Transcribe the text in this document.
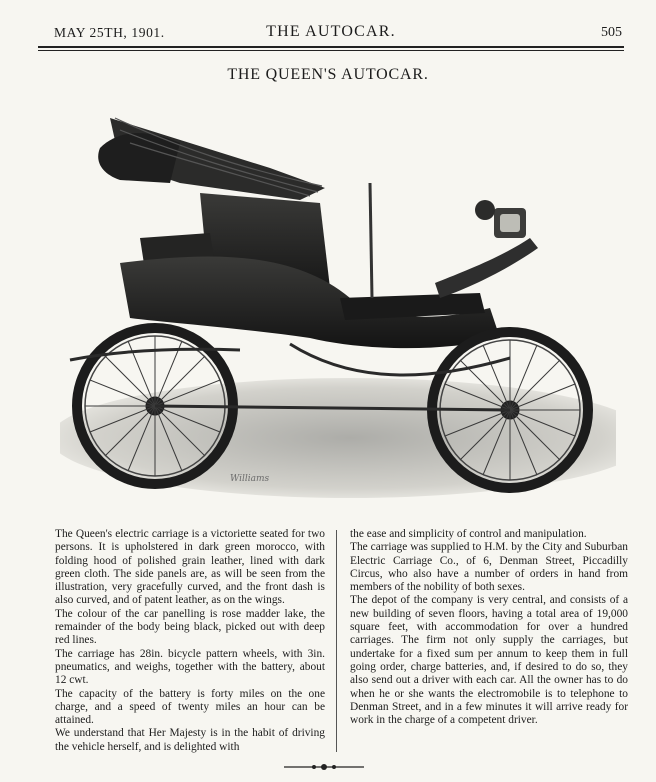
MAY 25TH, 1901.	THE AUTOCAR.	505
THE QUEEN'S AUTOCAR.
Williams

The Queen's electric carriage is a victoriette seated for two persons. It is upholstered in dark green morocco, with folding hood of polished grain leather, lined with dark green cloth. The side panels are, as will be seen from the illustration, very gracefully curved, and the front dash is also curved, and of patent leather, as on the wings.

The colour of the car panelling is rose madder lake, the remainder of the body being black, picked out with deep red lines.

The carriage has 28in. bicycle pattern wheels, with 3in. pneumatics, and weighs, together with the battery, about 12 cwt.

The capacity of the battery is forty miles on the one charge, and a speed of twenty miles an hour can be attained.

We understand that Her Majesty is in the habit of driving the vehicle herself, and is delighted with

the ease and simplicity of control and manipulation.

The carriage was supplied to H.M. by the City and Suburban Electric Carriage Co., of 6, Denman Street, Piccadilly Circus, who also have a number of orders in hand from members of the nobility of both sexes.

The depot of the company is very central, and consists of a new building of seven floors, having a total area of 19,000 square feet, with accommodation for over a hundred carriages. The firm not only supply the carriages, but undertake for a fixed sum per annum to keep them in full going order, charge batteries, and, if desired to do so, they also send out a driver with each car. All the owner has to do when he or she wants the electromobile is to telephone to Denman Street, and in a few minutes it will arrive ready for work in the charge of a competent driver.
